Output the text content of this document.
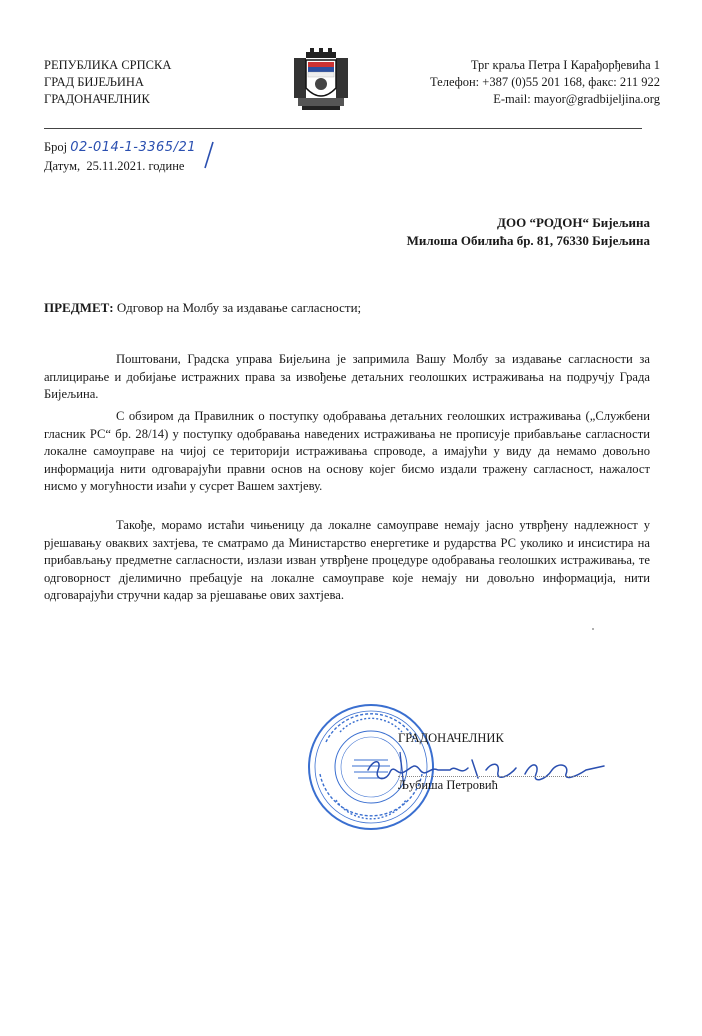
РЕПУБЛИКА СРПСКА
ГРАД БИЈЕЉИНА
ГРАДОНАЧЕЛНИК
Трг краља Петра I Карађорђевића 1
Телефон: +387 (0)55 201 168, факс: 211 922
E-mail: mayor@gradbijeljina.org
Број 02-014-1-3365/21
Датум, 25.11.2021. године
ДОО “РОДОН“ Бијељина
Милоша Обилића бр. 81, 76330 Бијељина
ПРЕДМЕТ: Одговор на Молбу за издавање сагласности;

Поштовани, Градска управа Бијељина је запримила Вашу Молбу за издавање сагласности за аплицирање и добијање истражних права за извођење детаљних геолошких истраживања на подручју Града Бијељина.

С обзиром да Правилник о поступку одобравања детаљних геолошких истраживања („Службени гласник РС“ бр. 28/14) у поступку одобравања наведених истраживања не прописује прибављање сагласности локалне самоуправе на чијој се територији истраживања спроводе, а имајући у виду да немамо довољно информација нити одговарајући правни основ на основу којег бисмо издали тражену сагласност, нажалост нисмо у могућности изаћи у сусрет Вашем захтјеву.

Такође, морамо истаћи чињеницу да локалне самоуправе немају јасно утврђену надлежност у рјешавању оваквих захтјева, те сматрамо да Министарство енергетике и рударства РС уколико и инсистира на прибављању предметне сагласности, излази изван утврђене процедуре одобравања геолошких истраживања, те одговорност дјелимично пребацује на локалне самоуправе које немају ни довољно информација, нити одговарајући стручни кадар за рјешавање ових захтјева.

ГРАДОНАЧЕЛНИК
Љубиша Петровић
